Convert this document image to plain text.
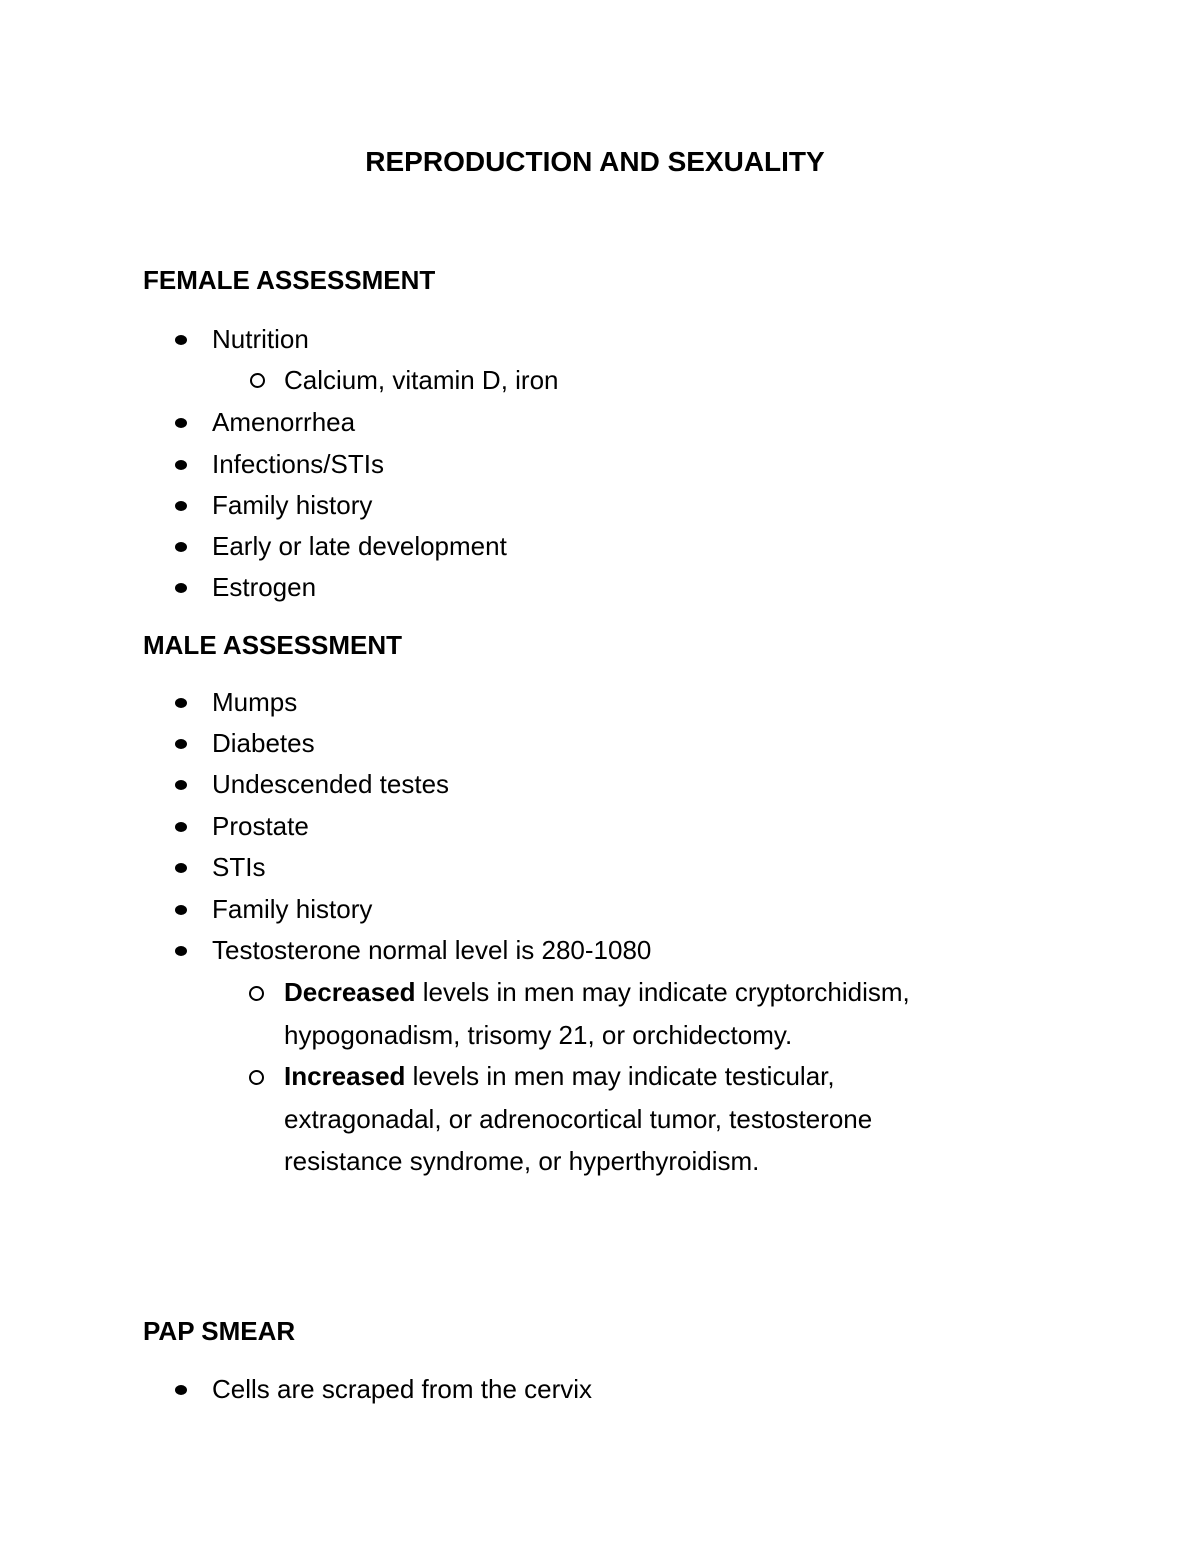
REPRODUCTION AND SEXUALITY
FEMALE ASSESSMENT
Nutrition
Calcium, vitamin D, iron
Amenorrhea
Infections/STIs
Family history
Early or late development
Estrogen
MALE ASSESSMENT
Mumps
Diabetes
Undescended testes
Prostate
STIs
Family history
Testosterone normal level is 280-1080
Decreased levels in men may indicate cryptorchidism,
hypogonadism, trisomy 21, or orchidectomy.
Increased levels in men may indicate testicular,
extragonadal, or adrenocortical tumor, testosterone
resistance syndrome, or hyperthyroidism.
PAP SMEAR
Cells are scraped from the cervix
